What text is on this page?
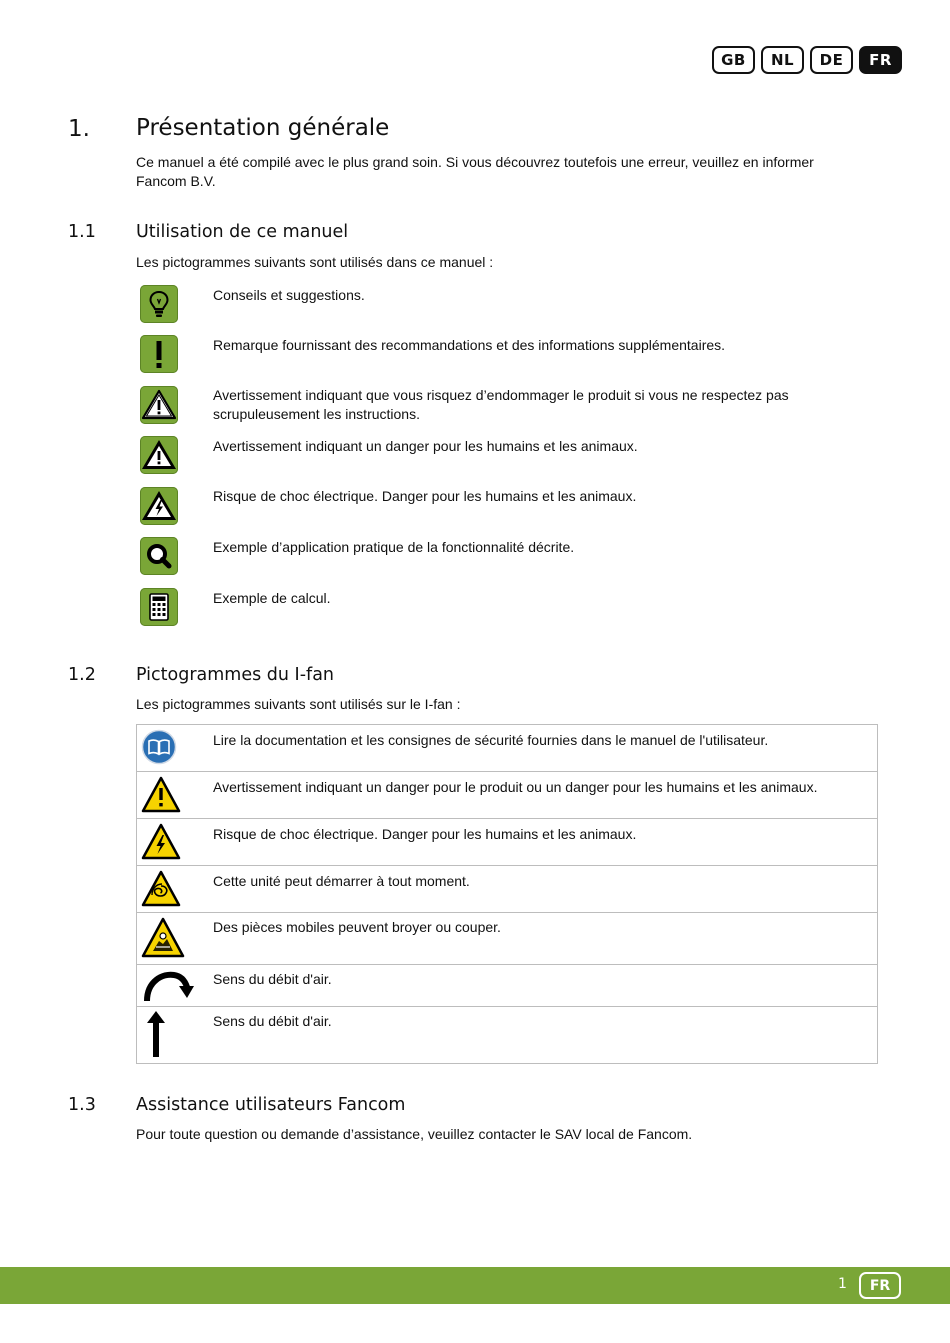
GB	NL	DE	FR
1. Présentation générale
Ce manuel a été compilé avec le plus grand soin. Si vous découvrez toutefois une erreur, veuillez en informer Fancom B.V.
1.1 Utilisation de ce manuel
Les pictogrammes suivants sont utilisés dans ce manuel :
Conseils et suggestions.
Remarque fournissant des recommandations et des informations supplémentaires.
Avertissement indiquant que vous risquez d’endommager le produit si vous ne respectez pas scrupuleusement les instructions.
Avertissement indiquant un danger pour les humains et les animaux.
Risque de choc électrique. Danger pour les humains et les animaux.
Exemple d’application pratique de la fonctionnalité décrite.
Exemple de calcul.
1.2 Pictogrammes du I-fan
Les pictogrammes suivants sont utilisés sur le I-fan :
Lire la documentation et les consignes de sécurité fournies dans le manuel de l'utilisateur.
Avertissement indiquant un danger pour le produit ou un danger pour les humains et les animaux.
Risque de choc électrique. Danger pour les humains et les animaux.
Cette unité peut démarrer à tout moment.
Des pièces mobiles peuvent broyer ou couper.
Sens du débit d'air.
Sens du débit d'air.
1.3 Assistance utilisateurs Fancom
Pour toute question ou demande d’assistance, veuillez contacter le SAV local de Fancom.
1	FR
